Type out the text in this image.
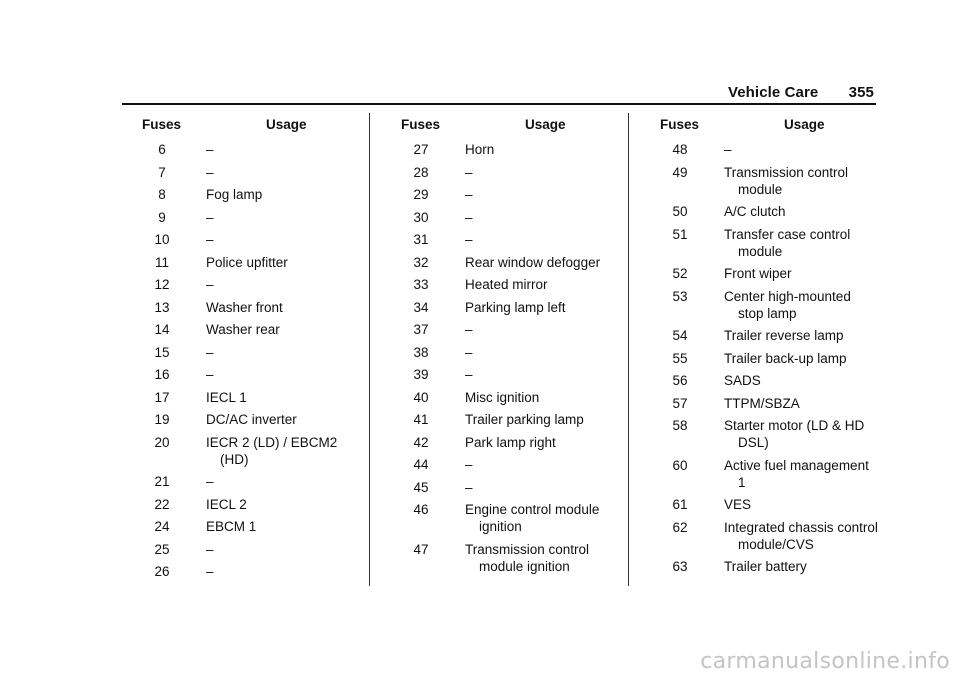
Vehicle Care 355
Fuses	Usage
6	–
7	–
8	Fog lamp
9	–
10	–
11	Police upfitter
12	–
13	Washer front
14	Washer rear
15	–
16	–
17	IECL 1
19	DC/AC inverter
20	IECR 2 (LD) / EBCM2 (HD)
21	–
22	IECL 2
24	EBCM 1
25	–
26	–
Fuses	Usage
27	Horn
28	–
29	–
30	–
31	–
32	Rear window defogger
33	Heated mirror
34	Parking lamp left
37	–
38	–
39	–
40	Misc ignition
41	Trailer parking lamp
42	Park lamp right
44	–
45	–
46	Engine control module ignition
47	Transmission control module ignition
Fuses	Usage
48	–
49	Transmission control module
50	A/C clutch
51	Transfer case control module
52	Front wiper
53	Center high-mounted stop lamp
54	Trailer reverse lamp
55	Trailer back-up lamp
56	SADS
57	TTPM/SBZA
58	Starter motor (LD & HD DSL)
60	Active fuel management 1
61	VES
62	Integrated chassis control module/CVS
63	Trailer battery
carmanualsonline.info
